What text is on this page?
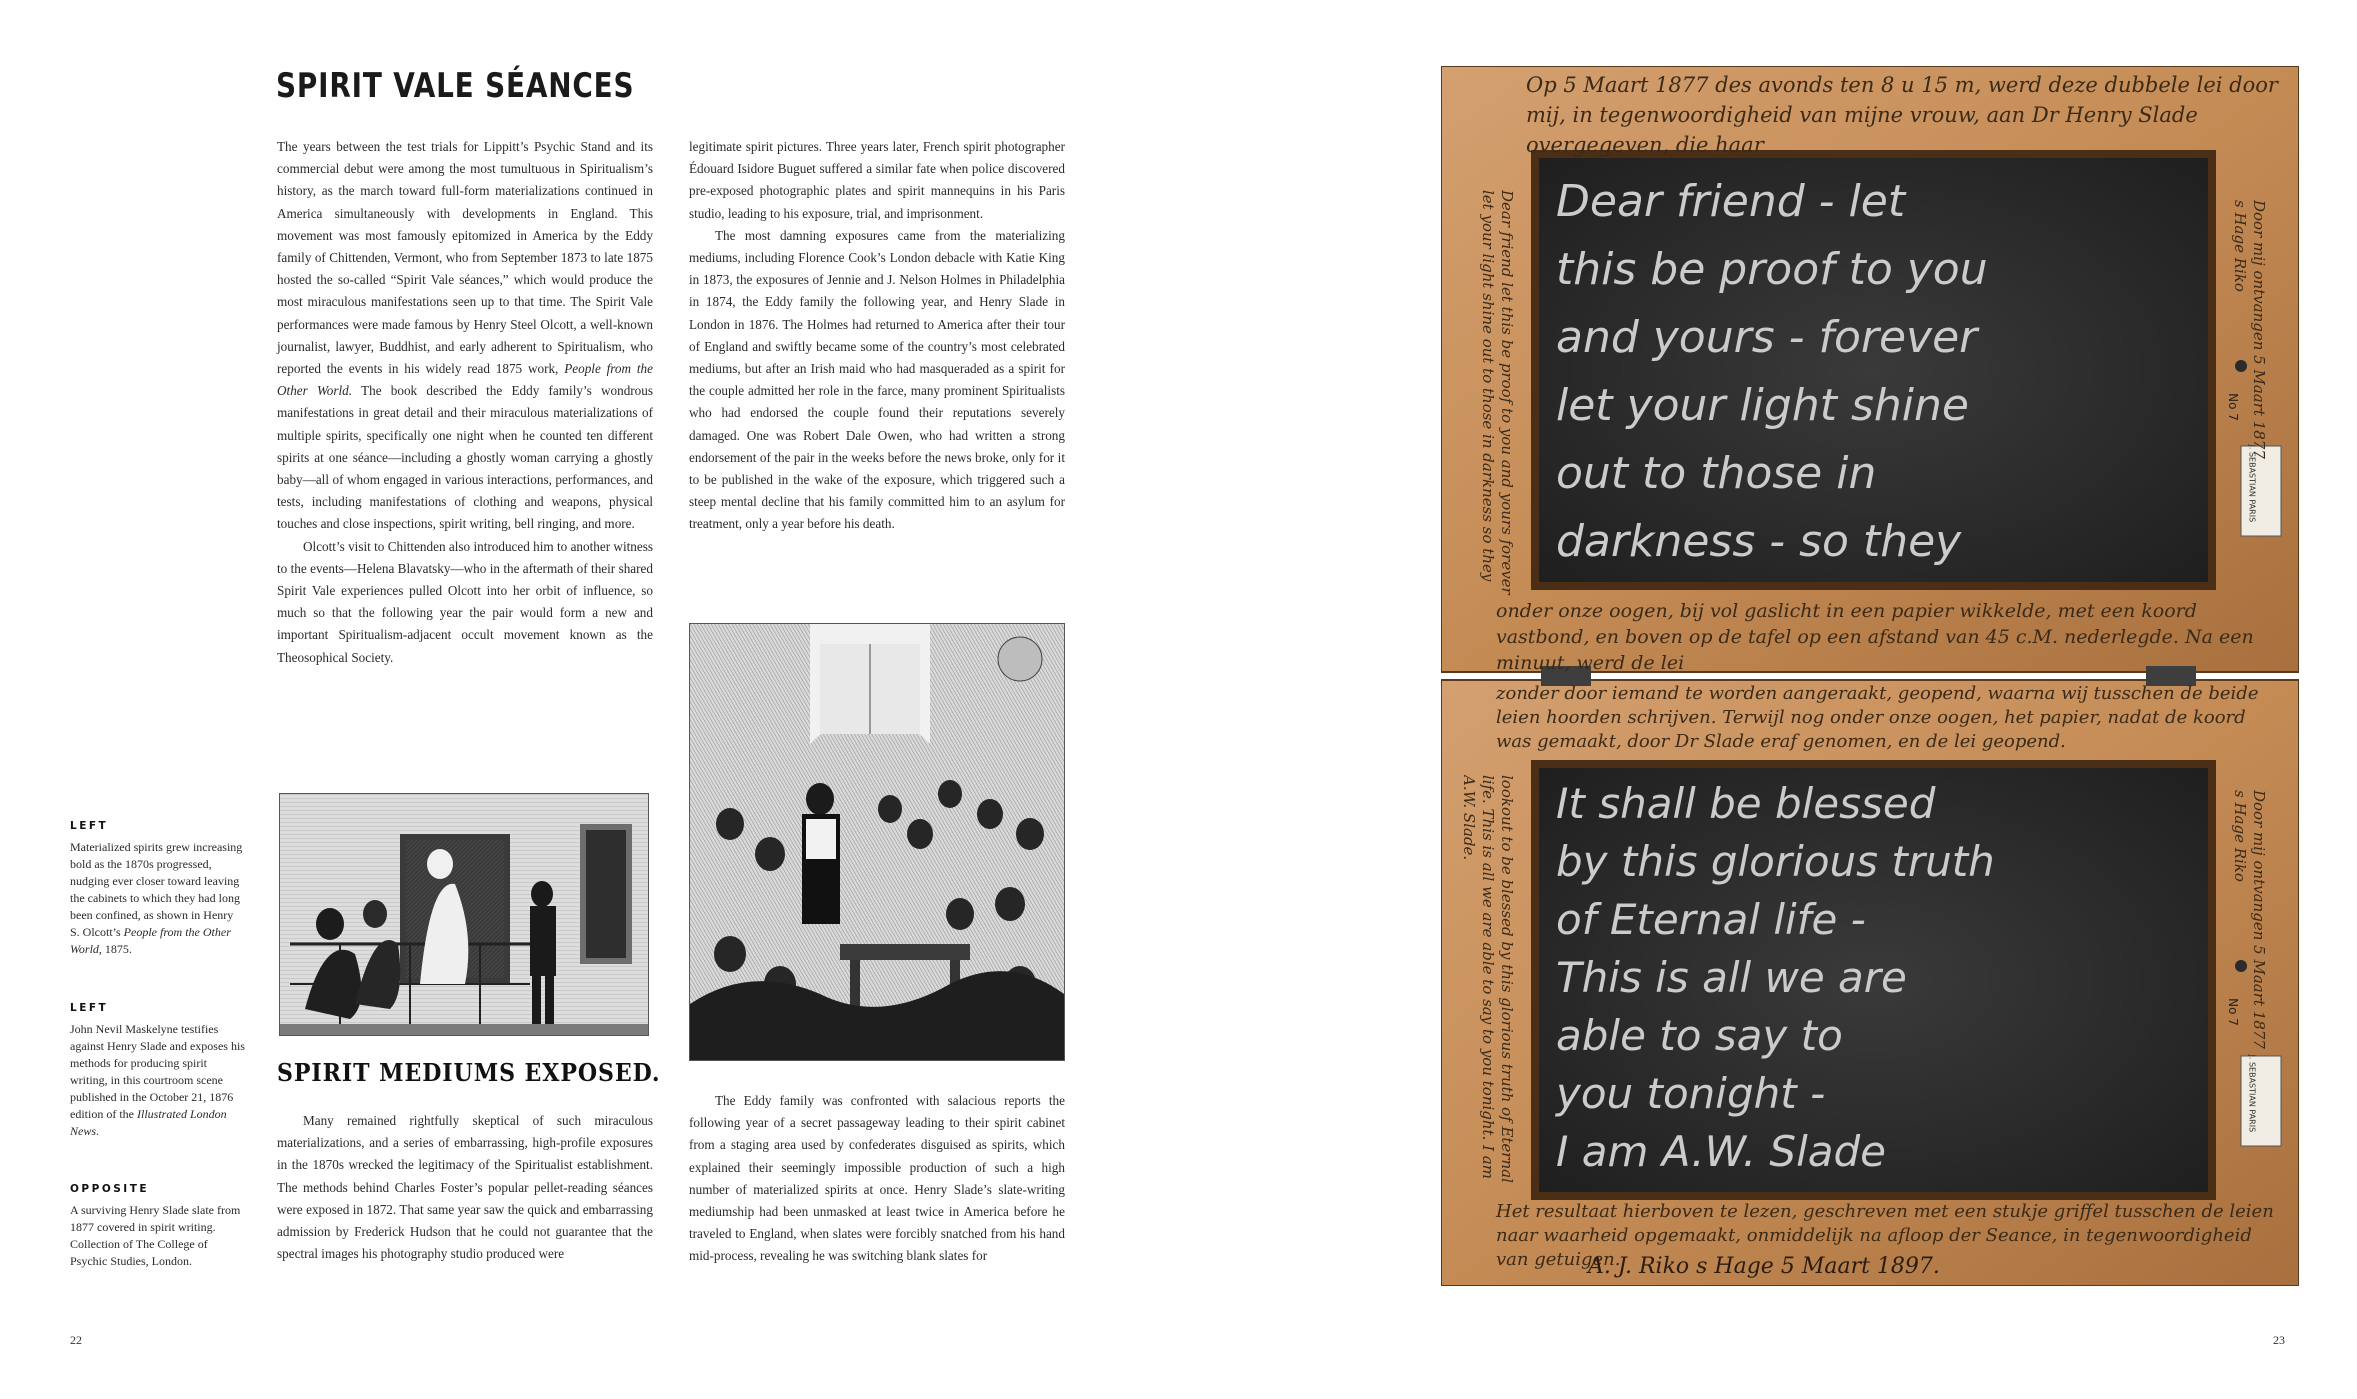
SPIRIT VALE SÉANCES

The years between the test trials for Lippitt’s Psychic Stand and its commercial debut were among the most tumultuous in Spiritualism’s history, as the march toward full-form materializations continued in America simultaneously with developments in England. This movement was most famously epitomized in America by the Eddy family of Chittenden, Vermont, who from September 1873 to late 1875 hosted the so-called “Spirit Vale séances,” which would produce the most miraculous manifestations seen up to that time. The Spirit Vale performances were made famous by Henry Steel Olcott, a well-known journalist, lawyer, Buddhist, and early adherent to Spiritualism, who reported the events in his widely read 1875 work, People from the Other World. The book described the Eddy family’s wondrous manifestations in great detail and their miraculous materializations of multiple spirits, specifically one night when he counted ten different spirits at one séance—including a ghostly woman carrying a ghostly baby—all of whom engaged in various interactions, performances, and tests, including manifestations of clothing and weapons, physical touches and close inspections, spirit writing, bell ringing, and more.

Olcott’s visit to Chittenden also introduced him to another witness to the events—Helena Blavatsky—who in the aftermath of their shared Spirit Vale experiences pulled Olcott into her orbit of influence, so much so that the following year the pair would form a new and important Spiritualism-adjacent occult movement known as the Theosophical Society.

legitimate spirit pictures. Three years later, French spirit photographer Édouard Isidore Buguet suffered a similar fate when police discovered pre-exposed photographic plates and spirit mannequins in his Paris studio, leading to his exposure, trial, and imprisonment.

The most damning exposures came from the materializing mediums, including Florence Cook’s London debacle with Katie King in 1873, the exposures of Jennie and J. Nelson Holmes in Philadelphia in 1874, the Eddy family the following year, and Henry Slade in London in 1876. The Holmes had returned to America after their tour of England and swiftly became some of the country’s most celebrated mediums, but after an Irish maid who had masqueraded as a spirit for the couple admitted her role in the farce, many prominent Spiritualists who had endorsed the couple found their reputations severely damaged. One was Robert Dale Owen, who had written a strong endorsement of the pair in the weeks before the news broke, only for it to be published in the wake of the exposure, which triggered such a steep mental decline that his family committed him to an asylum for treatment, only a year before his death.

SPIRIT MEDIUMS EXPOSED.

Many remained rightfully skeptical of such miraculous materializations, and a series of embarrassing, high-profile exposures in the 1870s wrecked the legitimacy of the Spiritualist establishment. The methods behind Charles Foster’s popular pellet-reading séances were exposed in 1872. That same year saw the quick and embarrassing admission by Frederick Hudson that he could not guarantee that the spectral images his photography studio produced were

The Eddy family was confronted with salacious reports the following year of a secret passageway leading to their spirit cabinet from a staging area used by confederates disguised as spirits, which explained their seemingly impossible production of such a high number of materialized spirits at once. Henry Slade’s slate-writing mediumship had been unmasked at least twice in America before he traveled to England, when slates were forcibly snatched from his hand mid-process, revealing he was switching blank slates for

LEFT
Materialized spirits grew increasing bold as the 1870s progressed, nudging ever closer toward leaving the cabinets to which they had long been confined, as shown in Henry S. Olcott’s People from the Other World, 1875.
LEFT
John Nevil Maskelyne testifies against Henry Slade and exposes his methods for producing spirit writing, in this courtroom scene published in the October 21, 1876 edition of the Illustrated London News.
OPPOSITE
A surviving Henry Slade slate from 1877 covered in spirit writing. Collection of The College of Psychic Studies, London.
22
Op 5 Maart 1877 des avonds ten 8 u 15 m, werd deze dubbele lei door mij, in tegenwoordigheid van mijne vrouw, aan Dr Henry Slade overgegeven, die haar
Dear friend - let
this be proof to you
and yours - forever
let your light shine
out to those in
darkness - so they
onder onze oogen, bij vol gaslicht in een papier wikkelde, met een koord vastbond, en boven op de tafel op een afstand van 45 c.M. nederlegde. Na een minuut, werd de lei
zonder door iemand te worden aangeraakt, geopend, waarna wij tusschen de beide leien hoorden schrijven. Terwijl nog onder onze oogen, het papier, nadat de koord was gemaakt, door Dr Slade eraf genomen, en de lei geopend.
It shall be blessed
by this glorious truth
of Eternal life -
This is all we are
able to say to
you tonight -
I am A.W. Slade
Het resultaat hierboven te lezen, geschreven met een stukje griffel tusschen de leien naar waarheid opgemaakt, onmiddelijk na afloop der Seance, in tegenwoordigheid van getuigen.
A. J. Riko s Hage 5 Maart 1897.
Dear friend let this be proof to you and yours forever let your light shine out to those in darkness so they
lookout to be blessed by this glorious truth of Eternal life. This is all we are able to say to you tonight. I am A.W. Slade.
Door mij ontvangen 5 Maart 1877 s Hage Riko
Door mij ontvangen 5 Maart 1877 s Hage Riko
No 7
No 7
J. SEBASTIAN PARIS
J. SEBASTIAN PARIS
23
